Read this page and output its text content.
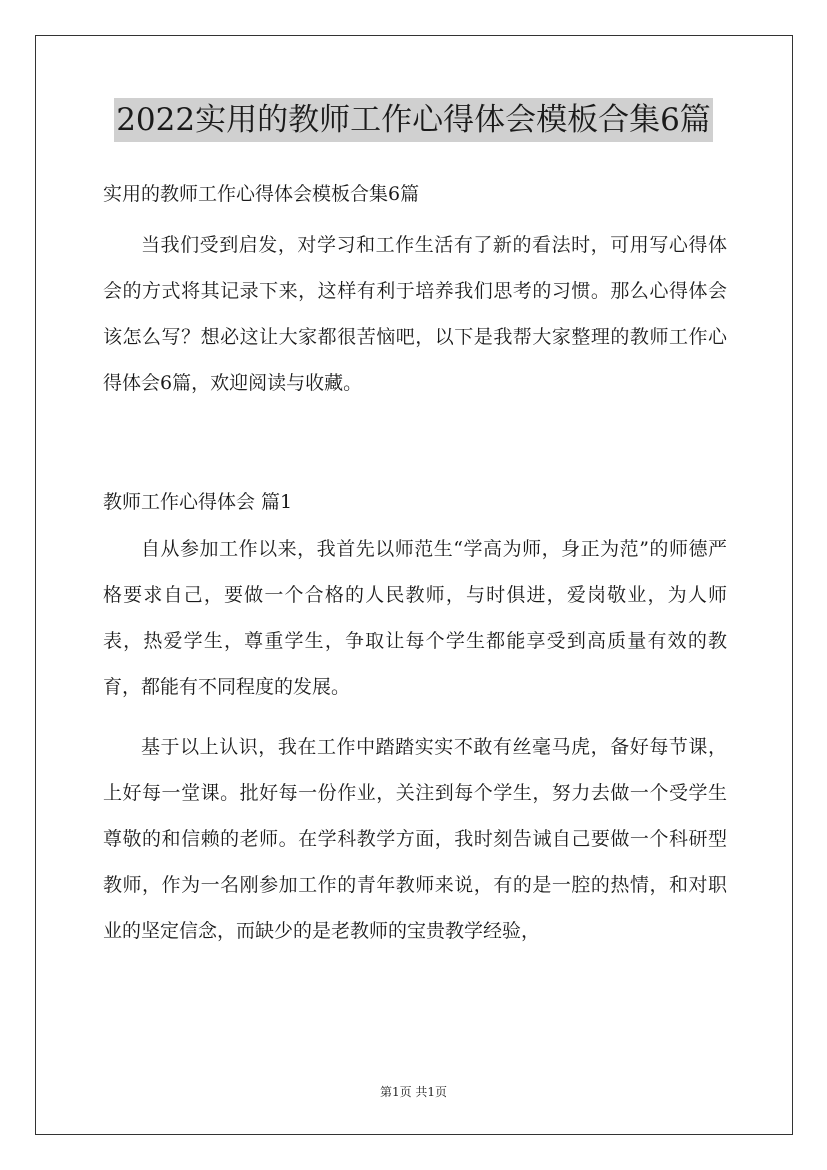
2022实用的教师工作心得体会模板合集6篇

实用的教师工作心得体会模板合集6篇

当我们受到启发，对学习和工作生活有了新的看法时，可用写心得体会的方式将其记录下来，这样有利于培养我们思考的习惯。那么心得体会该怎么写？想必这让大家都很苦恼吧，以下是我帮大家整理的教师工作心得体会6篇，欢迎阅读与收藏。

教师工作心得体会 篇1

自从参加工作以来，我首先以师范生“学高为师，身正为范”的师德严格要求自己，要做一个合格的人民教师，与时俱进，爱岗敬业，为人师表，热爱学生，尊重学生，争取让每个学生都能享受到高质量有效的教育，都能有不同程度的发展。

基于以上认识，我在工作中踏踏实实不敢有丝毫马虎，备好每节课，上好每一堂课。批好每一份作业，关注到每个学生，努力去做一个受学生尊敬的和信赖的老师。在学科教学方面，我时刻告诫自己要做一个科研型教师，作为一名刚参加工作的青年教师来说，有的是一腔的热情，和对职业的坚定信念，而缺少的是老教师的宝贵教学经验，

第1页 共1页
